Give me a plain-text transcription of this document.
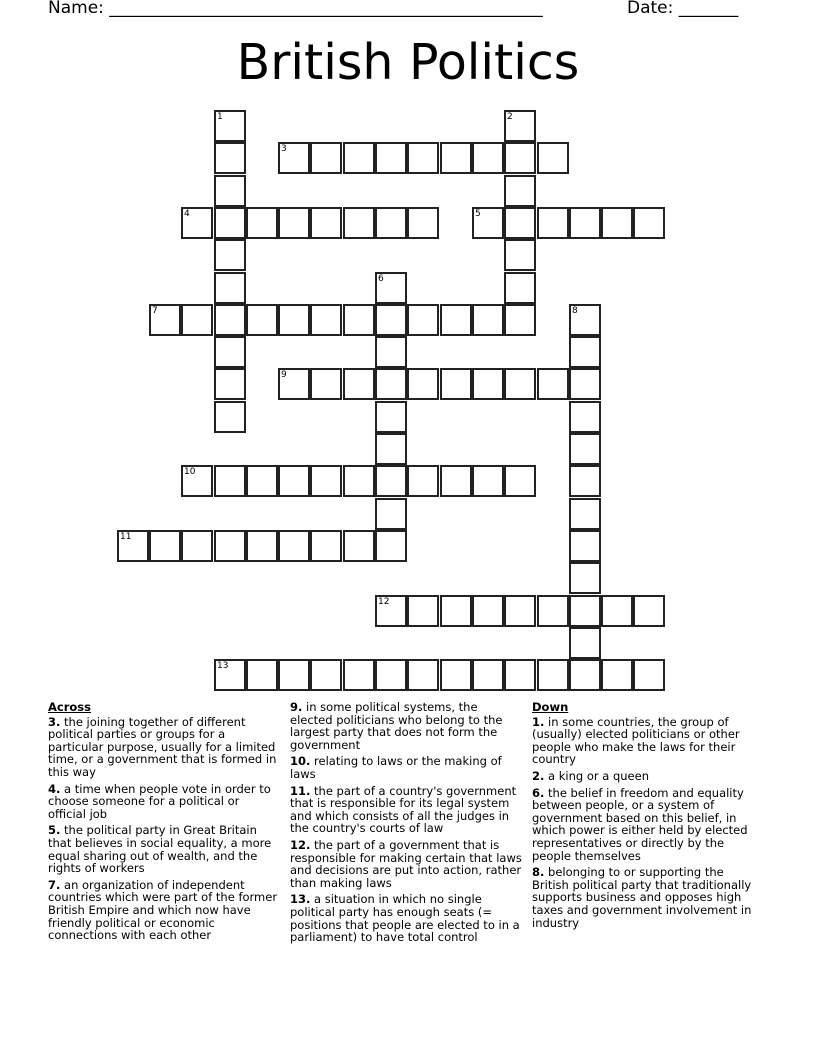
Name: ___________________________________________________	Date: _______
British Politics
1	2
3
4	5
6
7	8
9
10
11
12
13
Across
3. the joining together of different political parties or groups for a particular purpose, usually for a limited time, or a government that is formed in this way
4. a time when people vote in order to choose someone for a political or official job
5. the political party in Great Britain that believes in social equality, a more equal sharing out of wealth, and the rights of workers
7. an organization of independent countries which were part of the former British Empire and which now have friendly political or economic connections with each other
9. in some political systems, the elected politicians who belong to the largest party that does not form the government
10. relating to laws or the making of laws
11. the part of a country's government that is responsible for its legal system and which consists of all the judges in the country's courts of law
12. the part of a government that is responsible for making certain that laws and decisions are put into action, rather than making laws
13. a situation in which no single political party has enough seats (= positions that people are elected to in a parliament) to have total control
Down
1. in some countries, the group of (usually) elected politicians or other people who make the laws for their country
2. a king or a queen
6. the belief in freedom and equality between people, or a system of government based on this belief, in which power is either held by elected representatives or directly by the people themselves
8. belonging to or supporting the British political party that traditionally supports business and opposes high taxes and government involvement in industry
